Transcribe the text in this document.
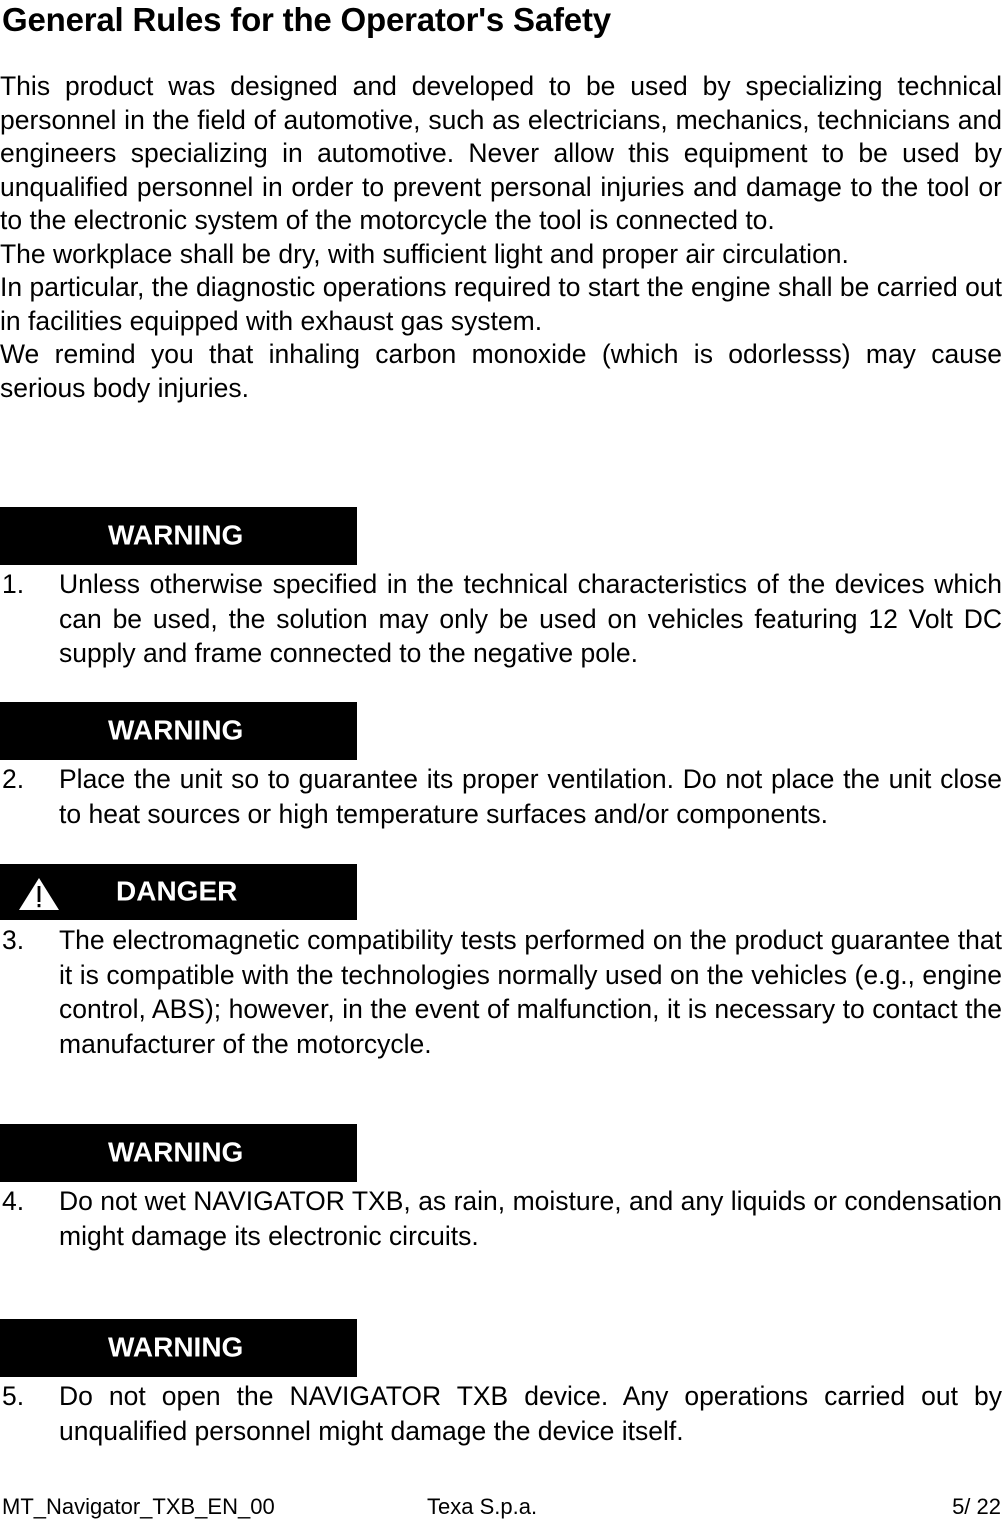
General Rules for the Operator's Safety

This product was designed and developed to be used by specializing technical personnel in the field of automotive, such as electricians, mechanics, technicians and engineers specializing in automotive. Never allow this equipment to be used by unqualified personnel in order to prevent personal injuries and damage to the tool or to the electronic system of the motorcycle the tool is connected to.

The workplace shall be dry, with sufficient light and proper air circulation.

In particular, the diagnostic operations required to start the engine shall be carried out in facilities equipped with exhaust gas system.

We remind you that inhaling carbon monoxide (which is odorlesss) may cause serious body injuries.

WARNING
1. Unless otherwise specified in the technical characteristics of the devices which can be used, the solution may only be used on vehicles featuring 12 Volt DC supply and frame connected to the negative pole.
WARNING
2. Place the unit so to guarantee its proper ventilation. Do not place the unit close to heat sources or high temperature surfaces and/or components.
DANGER
3. The electromagnetic compatibility tests performed on the product guarantee that it is compatible with the technologies normally used on the vehicles (e.g., engine control, ABS); however, in the event of malfunction, it is necessary to contact the manufacturer of the motorcycle.
WARNING
4. Do not wet NAVIGATOR TXB, as rain, moisture, and any liquids or condensation might damage its electronic circuits.
WARNING
5. Do not open the NAVIGATOR TXB device. Any operations carried out by unqualified personnel might damage the device itself.
MT_Navigator_TXB_EN_00	Texa S.p.a.	5/ 22
